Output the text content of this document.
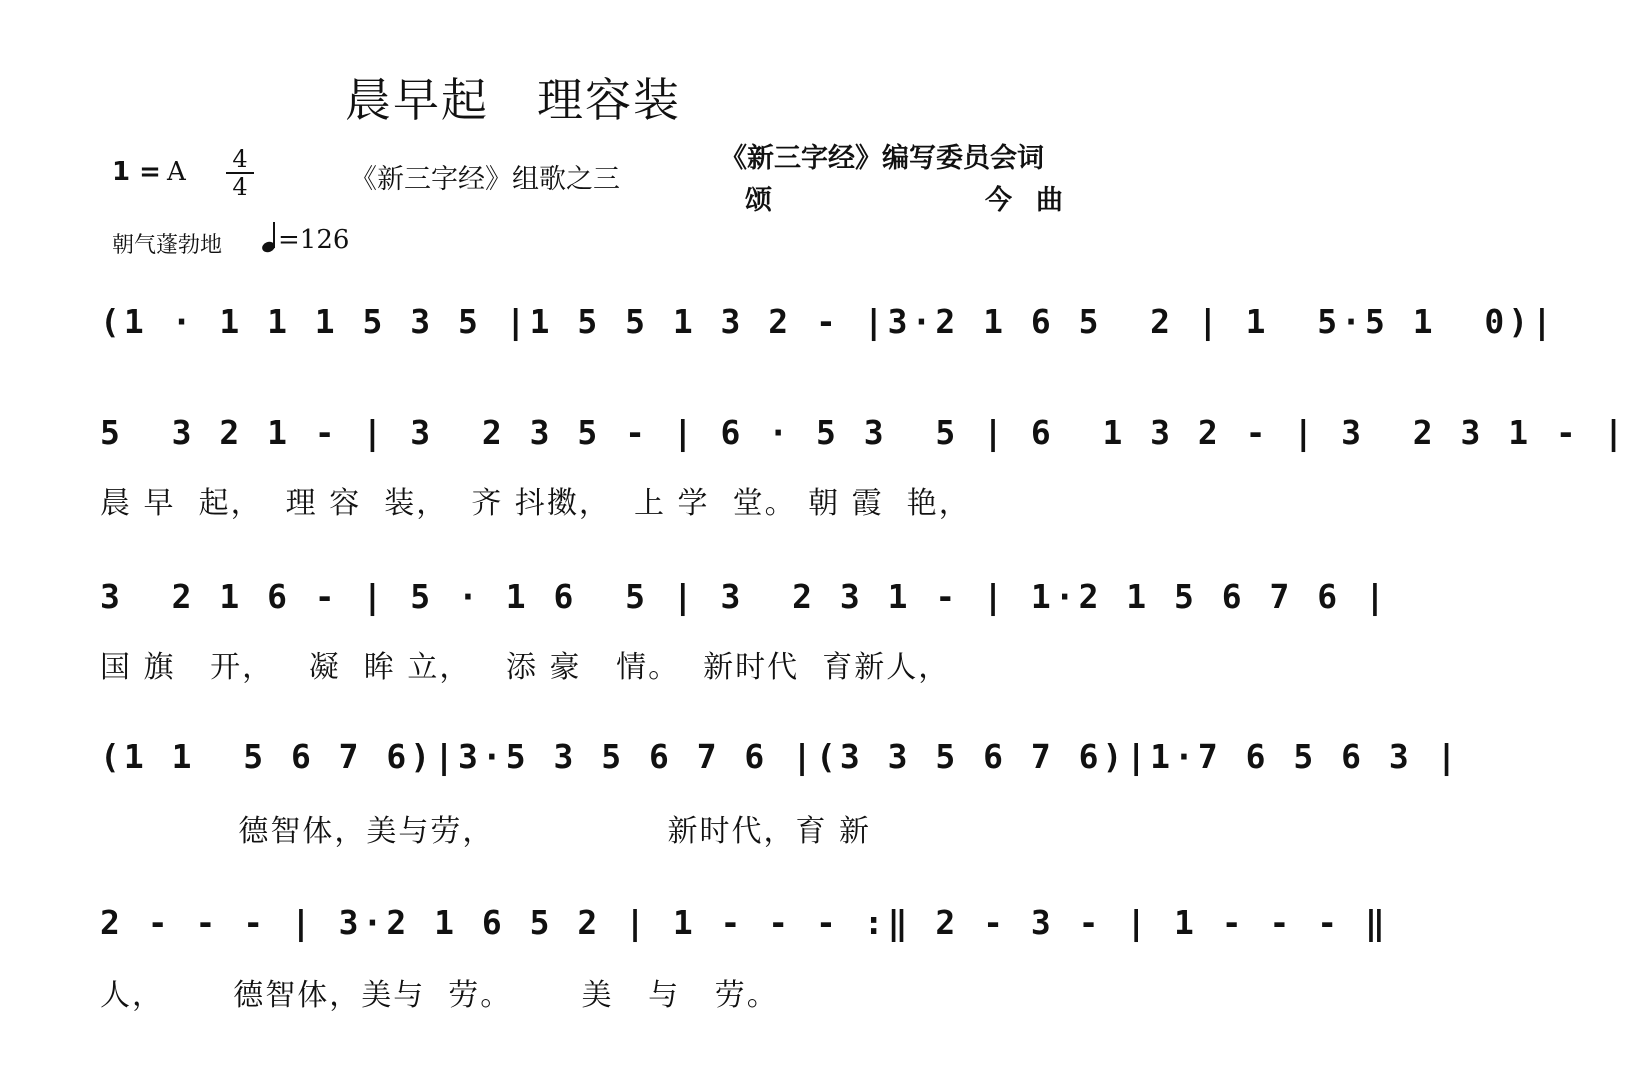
晨早起　理容装
1 = A 4
4	《新三字经》组歌之三
《新三字经》编写委员会词
颂	今曲
朝气蓬勃地	=126
(1 · 1 1 1 5 3 5 |1 5 5 1 3 2 - |3·2 1 6 5  2 | 1  5·5 1  0)|
5  3 2 1 - | 3  2 3 5 - | 6 · 5 3  5 | 6  1 3 2 - | 3  2 3 1 - |
晨 早  起，  理 容  装，  齐 抖擞，  上 学  堂。 朝 霞  艳，
3  2 1 6 - | 5 · 1 6  5 | 3  2 3 1 - | 1·2 1 5 6 7 6 |
国 旗   开，   凝  眸 立，   添 豪   情。  新时代  育新人，
(1 1  5 6 7 6)|3·5 3 5 6 7 6 |(3 3 5 6 7 6)|1·7 6 5 6 3 |
德智体，美与劳，               新时代，育 新
2 - - - | 3·2 1 6 5 2 | 1 - - - :‖ 2 - 3 - | 1 - - - ‖
人，      德智体，美与  劳。      美   与   劳。
